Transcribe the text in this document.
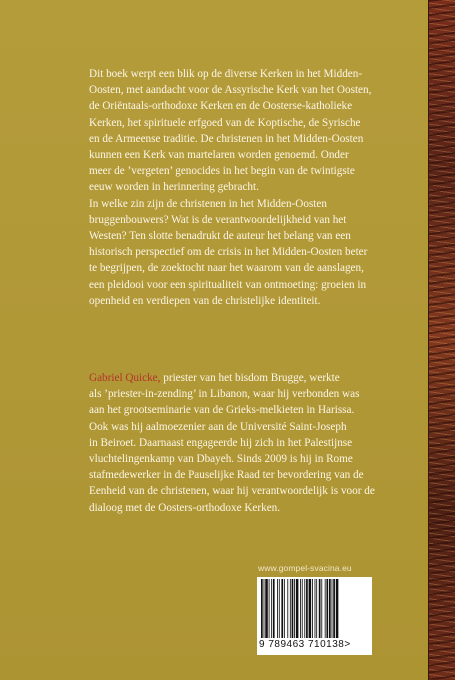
Dit boek werpt een blik op de diverse Kerken in het Midden-
Oosten, met aandacht voor de Assyrische Kerk van het Oosten,
de Oriëntaals-orthodoxe Kerken en de Oosterse-katholieke
Kerken, het spirituele erfgoed van de Koptische, de Syrische
en de Armeense traditie. De christenen in het Midden-Oosten
kunnen een Kerk van martelaren worden genoemd. Onder
meer de ’vergeten’ genocides in het begin van de twintigste
eeuw worden in herinnering gebracht.
In welke zin zijn de christenen in het Midden-Oosten
bruggenbouwers? Wat is de verantwoordelijkheid van het
Westen? Ten slotte benadrukt de auteur het belang van een
historisch perspectief om de crisis in het Midden-Oosten beter
te begrijpen, de zoektocht naar het waarom van de aanslagen,
een pleidooi voor een spiritualiteit van ontmoeting: groeien in
openheid en verdiepen van de christelijke identiteit.

Gabriel Quicke, priester van het bisdom Brugge, werkte
als ’priester-in-zending’ in Libanon, waar hij verbonden was
aan het grootseminarie van de Grieks-melkieten in Harissa.
Ook was hij aalmoezenier aan de Université Saint-Joseph
in Beiroet. Daarnaast engageerde hij zich in het Palestijnse
vluchtelingenkamp van Dbayeh. Sinds 2009 is hij in Rome
stafmedewerker in de Pauselijke Raad ter bevordering van de
Eenheid van de christenen, waar hij verantwoordelijk is voor de
dialoog met de Oosters-orthodoxe Kerken.

www.gompel-svacina.eu
9 789463 710138>
